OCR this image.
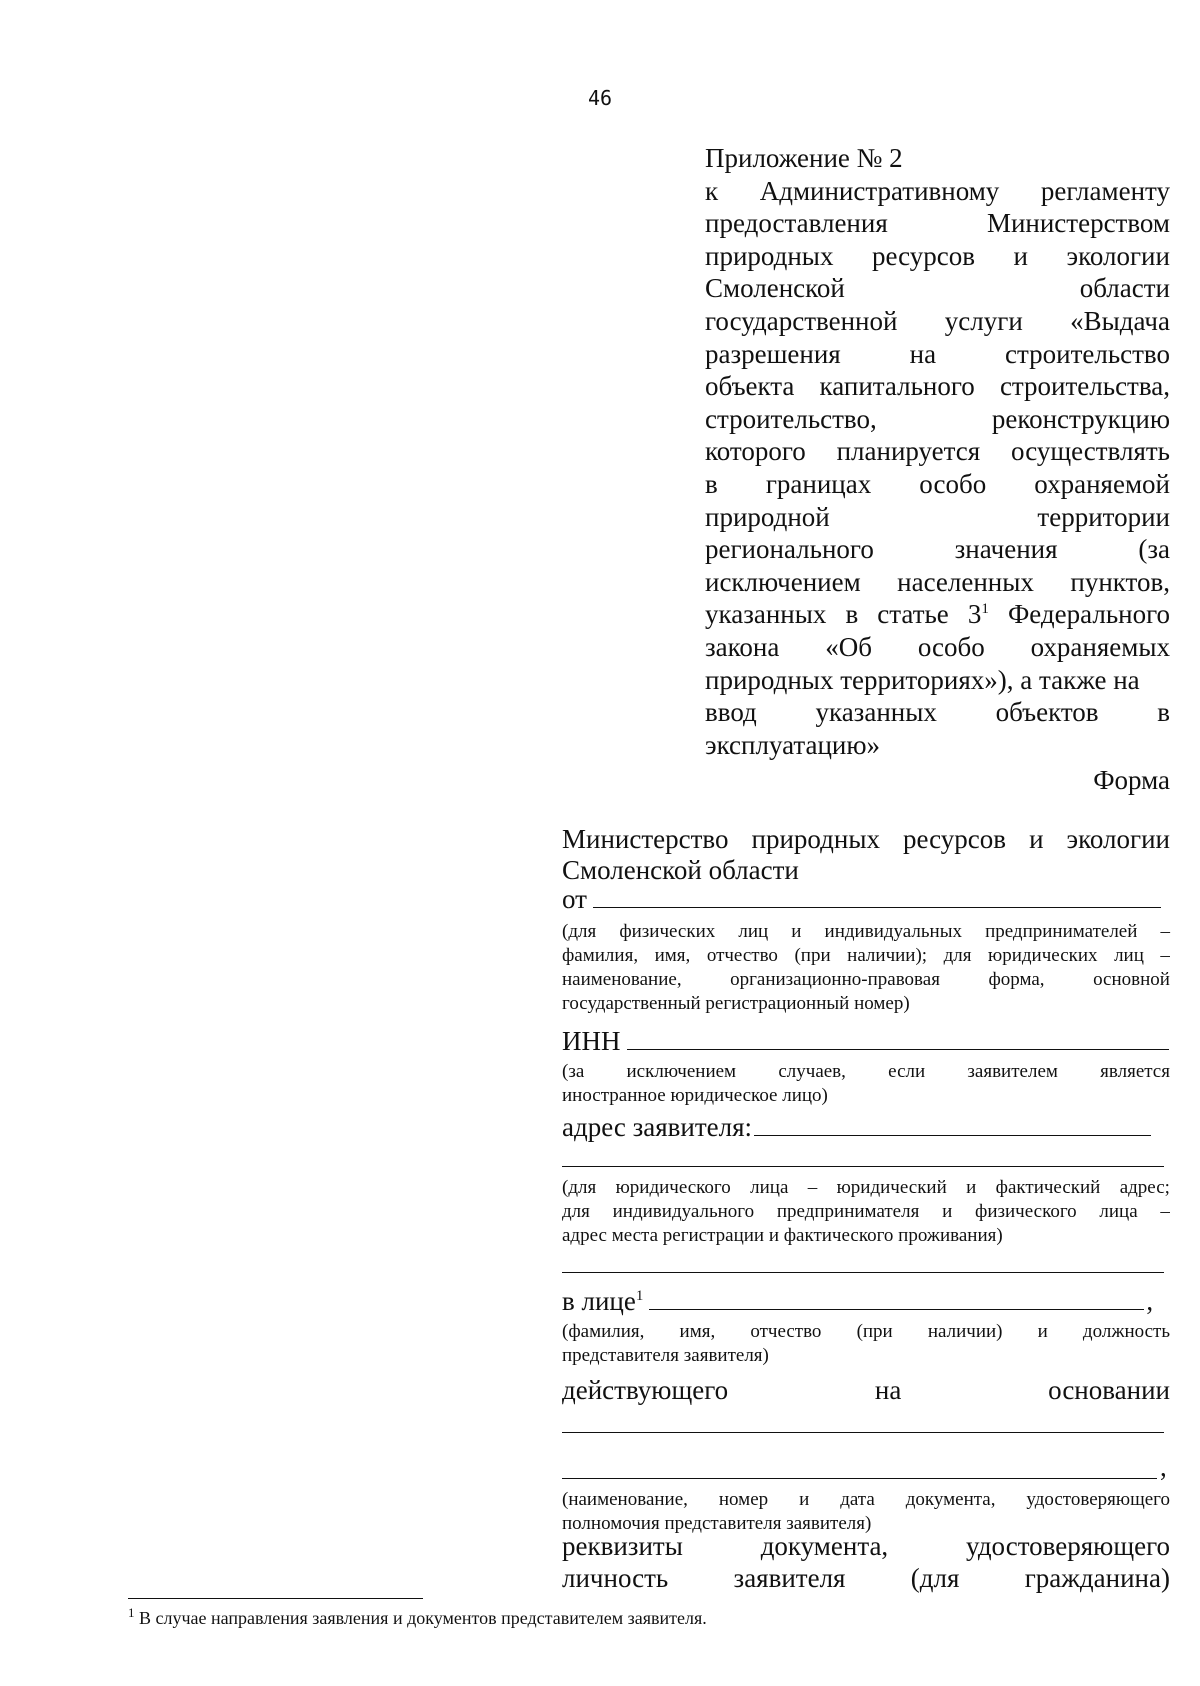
46
Приложение № 2
к Административному регламенту
предоставления	Министерством
природных ресурсов и экологии
Смоленской	области
государственной услуги «Выдача
разрешения	на	строительство
объекта капитального строительства,
строительство,	реконструкцию
которого планируется осуществлять
в границах особо охраняемой
природной	территории
регионального	значения	(за
исключением населенных пунктов,
указанных в статье $3^1$ Федерального
закона «Об особо охраняемых
природных территориях»), а также на
ввод указанных объектов в
эксплуатацию»
Форма
Министерство природных ресурсов и экологии
Смоленской области
от
(для физических лиц и индивидуальных предпринимателей –
фамилия, имя, отчество (при наличии); для юридических лиц –
наименование,	организационно-правовая	форма,	основной
государственный регистрационный номер)
ИНН
(за исключением случаев, если заявителем является
иностранное юридическое лицо)
адрес заявителя:
(для юридического лица – юридический и фактический адрес;
для индивидуального предпринимателя и физического лица –
адрес места регистрации и фактического проживания)
в лице$^1$	,
(фамилия, имя, отчество (при наличии) и должность
представителя заявителя)
действующего	на	основании
,
(наименование, номер и дата документа, удостоверяющего
полномочия представителя заявителя)
реквизиты	документа,	удостоверяющего
личность заявителя (для гражданина)
$^1$ В случае направления заявления и документов представителем заявителя.
